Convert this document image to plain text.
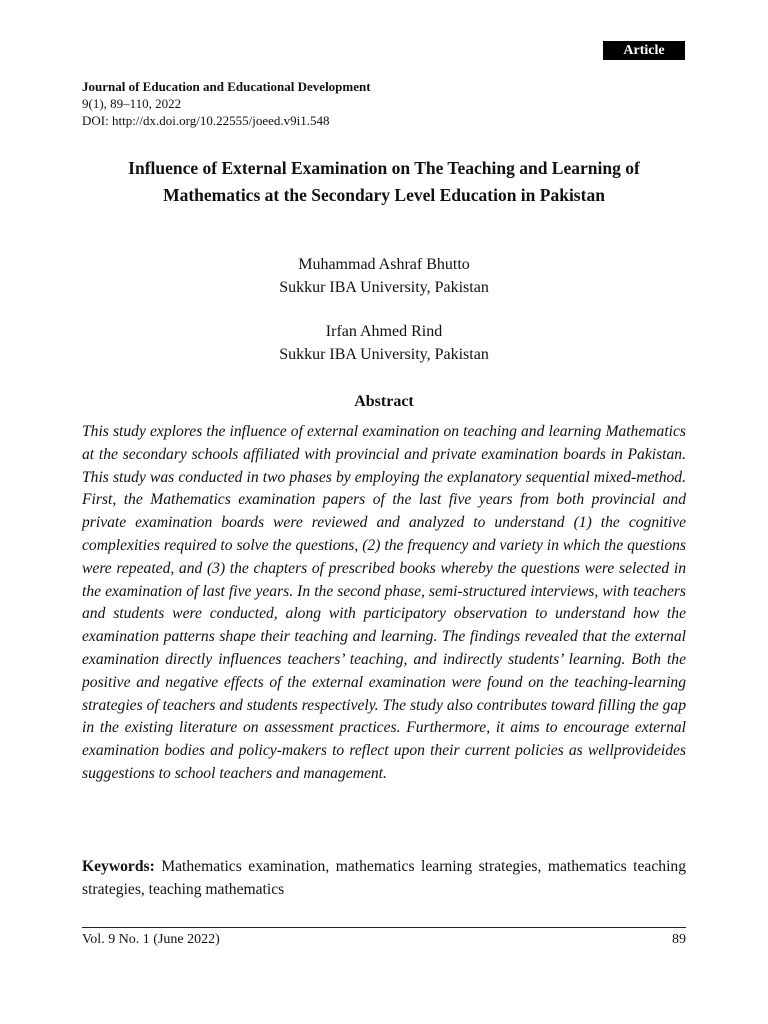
Article
Journal of Education and Educational Development
9(1), 89–110, 2022
DOI: http://dx.doi.org/10.22555/joeed.v9i1.548
Influence of External Examination on The Teaching and Learning of Mathematics at the Secondary Level Education in Pakistan
Muhammad Ashraf Bhutto
Sukkur IBA University, Pakistan
Irfan Ahmed Rind
Sukkur IBA University, Pakistan
Abstract
This study explores the influence of external examination on teaching and learning Mathematics at the secondary schools affiliated with provincial and private examination boards in Pakistan. This study was conducted in two phases by employing the explanatory sequential mixed-method. First, the Mathematics examination papers of the last five years from both provincial and private examination boards were reviewed and analyzed to understand (1) the cognitive complexities required to solve the questions, (2) the frequency and variety in which the questions were repeated, and (3) the chapters of prescribed books whereby the questions were selected in the examination of last five years. In the second phase, semi-structured interviews, with teachers and students were conducted, along with participatory observation to understand how the examination patterns shape their teaching and learning. The findings revealed that the external examination directly influences teachers’ teaching, and indirectly students’ learning. Both the positive and negative effects of the external examination were found on the teaching-learning strategies of teachers and students respectively. The study also contributes toward filling the gap in the existing literature on assessment practices. Furthermore, it aims to encourage external examination bodies and policy-makers to reflect upon their current policies as wellprovideides suggestions to school teachers and management.
Keywords: Mathematics examination, mathematics learning strategies, mathematics teaching strategies, teaching mathematics
Vol. 9 No. 1 (June 2022)	89
